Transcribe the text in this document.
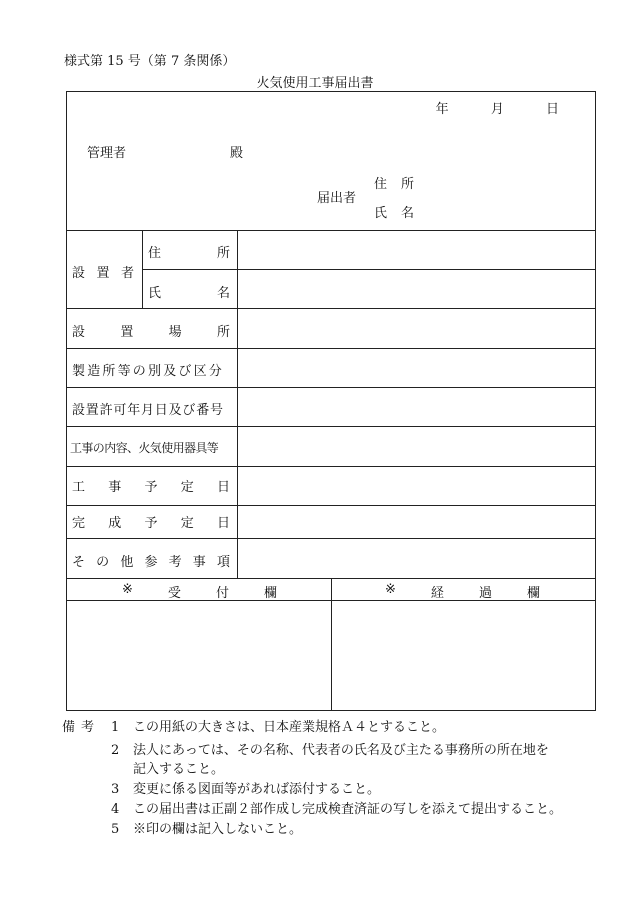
様式第 15 号（第 7 条関係）
火気使用工事届出書
年	月	日
管理者	殿
届出者
住所
氏名
設 置 者
住	所
氏	名
設	置	場	所
製造所等の別及び区分
設置許可年月日及び番号
工事の内容、火気使用器具等
工 事 予 定 日
完 成 予 定 日
そ の 他 参 考 事 項
※	受	付	欄	※	経	過	欄
備考 1 この用紙の大きさは、日本産業規格Ａ４とすること。
2 法人にあっては、その名称、代表者の氏名及び主たる事務所の所在地を
記入すること。
3 変更に係る図面等があれば添付すること。
4 この届出書は正副２部作成し完成検査済証の写しを添えて提出すること。
5 ※印の欄は記入しないこと。
